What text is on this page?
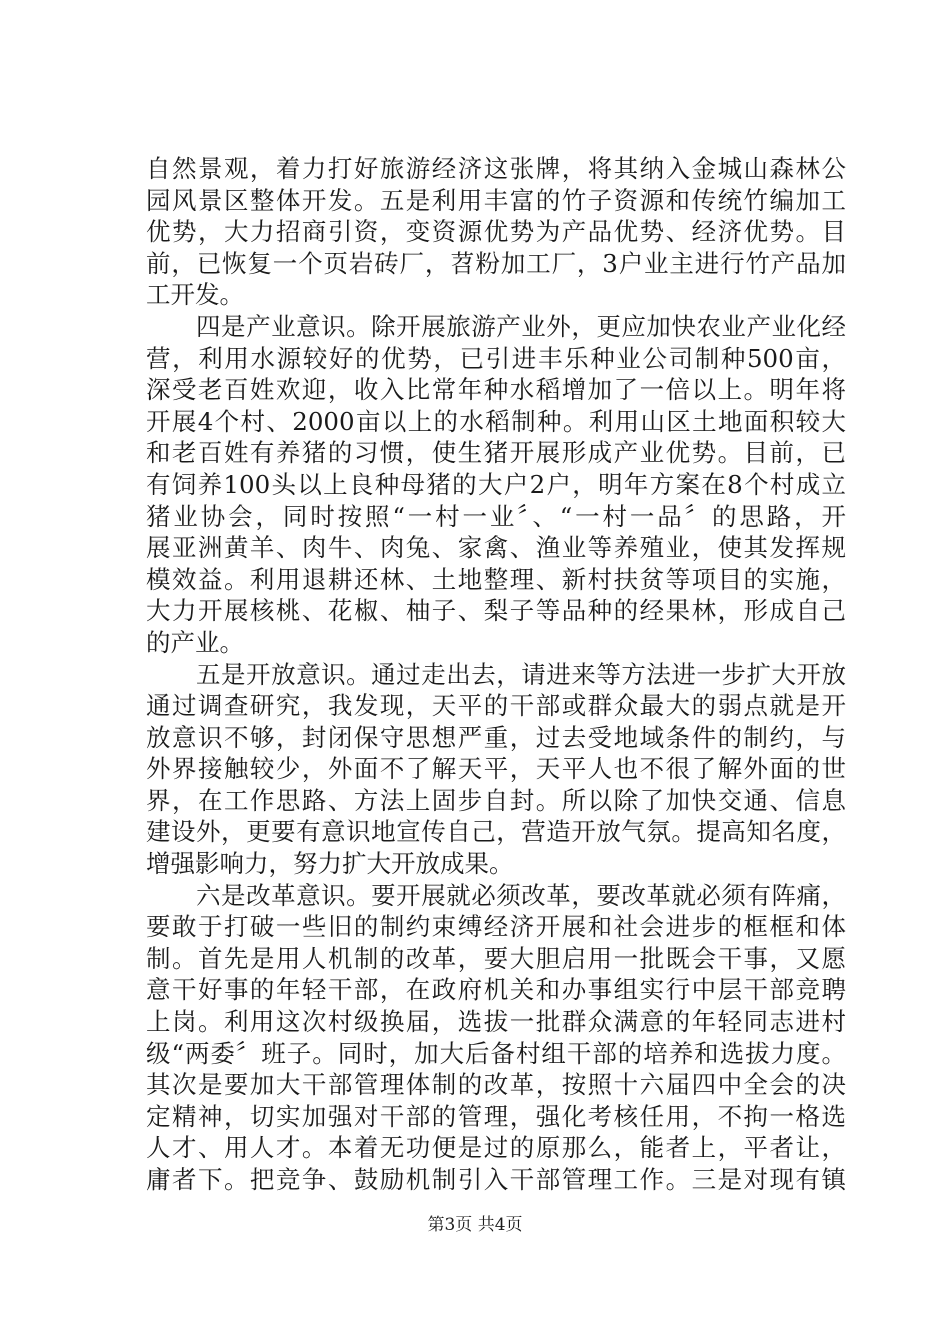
自然景观，着力打好旅游经济这张牌，将其纳入金城山森林公
园风景区整体开发。五是利用丰富的竹子资源和传统竹编加工
优势，大力招商引资，变资源优势为产品优势、经济优势。目
前，已恢复一个页岩砖厂，苕粉加工厂，3户业主进行竹产品加
工开发。
　　四是产业意识。除开展旅游产业外，更应加快农业产业化经
营，利用水源较好的优势，已引进丰乐种业公司制种500亩，
深受老百姓欢迎，收入比常年种水稻增加了一倍以上。明年将
开展4个村、2000亩以上的水稻制种。利用山区土地面积较大
和老百姓有养猪的习惯，使生猪开展形成产业优势。目前，已
有饲养100头以上良种母猪的大户2户，明年方案在8个村成立
猪业协会，同时按照“一村一业〞、“一村一品〞的思路，开
展亚洲黄羊、肉牛、肉兔、家禽、渔业等养殖业，使其发挥规
模效益。利用退耕还林、土地整理、新村扶贫等项目的实施，
大力开展核桃、花椒、柚子、梨子等品种的经果林，形成自己
的产业。
　　五是开放意识。通过走出去，请进来等方法进一步扩大开放
通过调查研究，我发现，天平的干部或群众最大的弱点就是开
放意识不够，封闭保守思想严重，过去受地域条件的制约，与
外界接触较少，外面不了解天平，天平人也不很了解外面的世
界，在工作思路、方法上固步自封。所以除了加快交通、信息
建设外，更要有意识地宣传自己，营造开放气氛。提高知名度，
增强影响力，努力扩大开放成果。
　　六是改革意识。要开展就必须改革，要改革就必须有阵痛，
要敢于打破一些旧的制约束缚经济开展和社会进步的框框和体
制。首先是用人机制的改革，要大胆启用一批既会干事，又愿
意干好事的年轻干部，在政府机关和办事组实行中层干部竞聘
上岗。利用这次村级换届，选拔一批群众满意的年轻同志进村
级“两委〞班子。同时，加大后备村组干部的培养和选拔力度。
其次是要加大干部管理体制的改革，按照十六届四中全会的决
定精神，切实加强对干部的管理，强化考核任用，不拘一格选
人才、用人才。本着无功便是过的原那么，能者上，平者让，
庸者下。把竞争、鼓励机制引入干部管理工作。三是对现有镇
第3页 共4页
